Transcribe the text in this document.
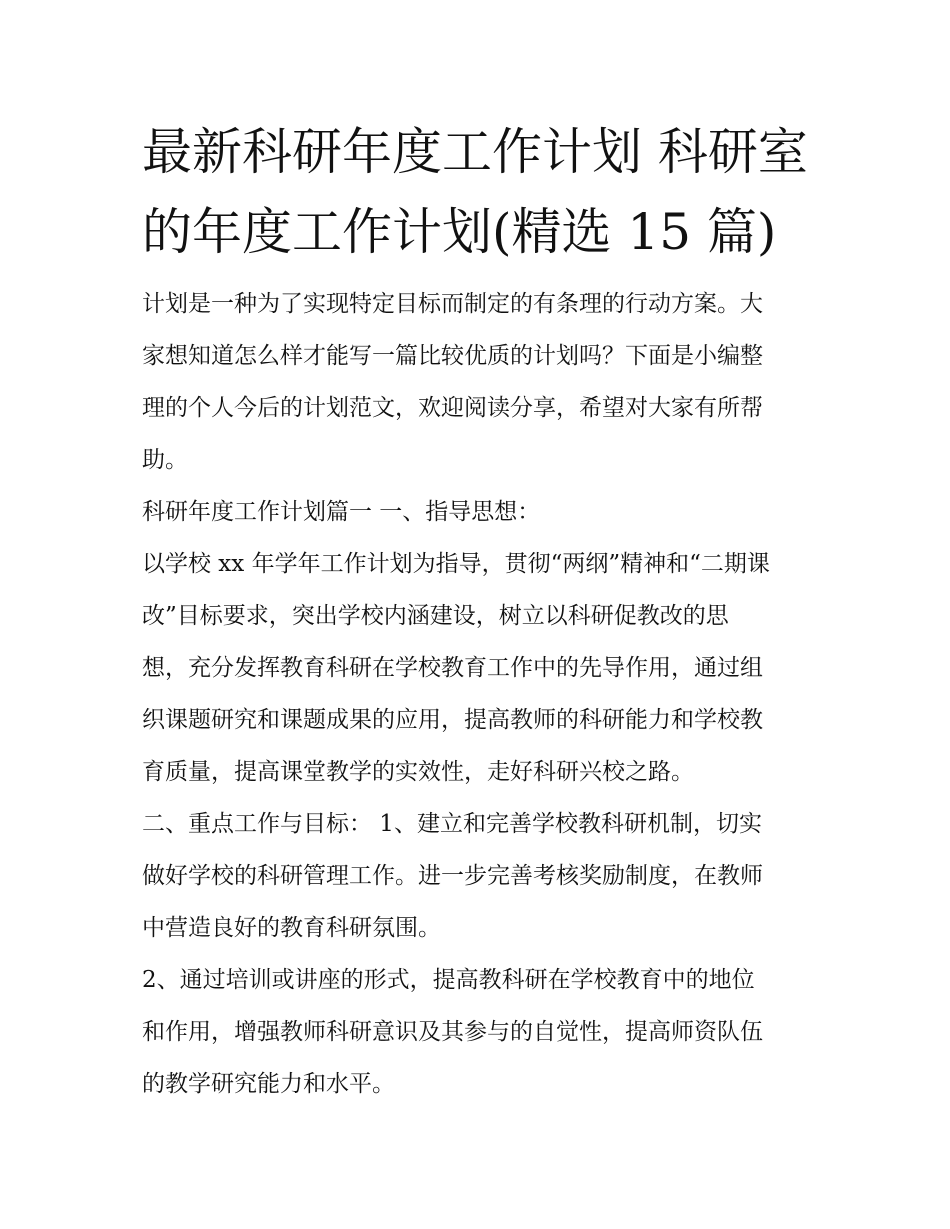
最新科研年度工作计划 科研室
的年度工作计划(精选 15 篇)
计划是一种为了实现特定目标而制定的有条理的行动方案。大
家想知道怎么样才能写一篇比较优质的计划吗？下面是小编整
理的个人今后的计划范文，欢迎阅读分享，希望对大家有所帮
助。
科研年度工作计划篇一 一、指导思想：
以学校 xx 年学年工作计划为指导，贯彻“两纲”精神和“二期课
改”目标要求，突出学校内涵建设，树立以科研促教改的思
想，充分发挥教育科研在学校教育工作中的先导作用，通过组
织课题研究和课题成果的应用，提高教师的科研能力和学校教
育质量，提高课堂教学的实效性，走好科研兴校之路。
二、重点工作与目标： 1、建立和完善学校教科研机制，切实
做好学校的科研管理工作。进一步完善考核奖励制度，在教师
中营造良好的教育科研氛围。
2、通过培训或讲座的形式，提高教科研在学校教育中的地位
和作用，增强教师科研意识及其参与的自觉性，提高师资队伍
的教学研究能力和水平。
